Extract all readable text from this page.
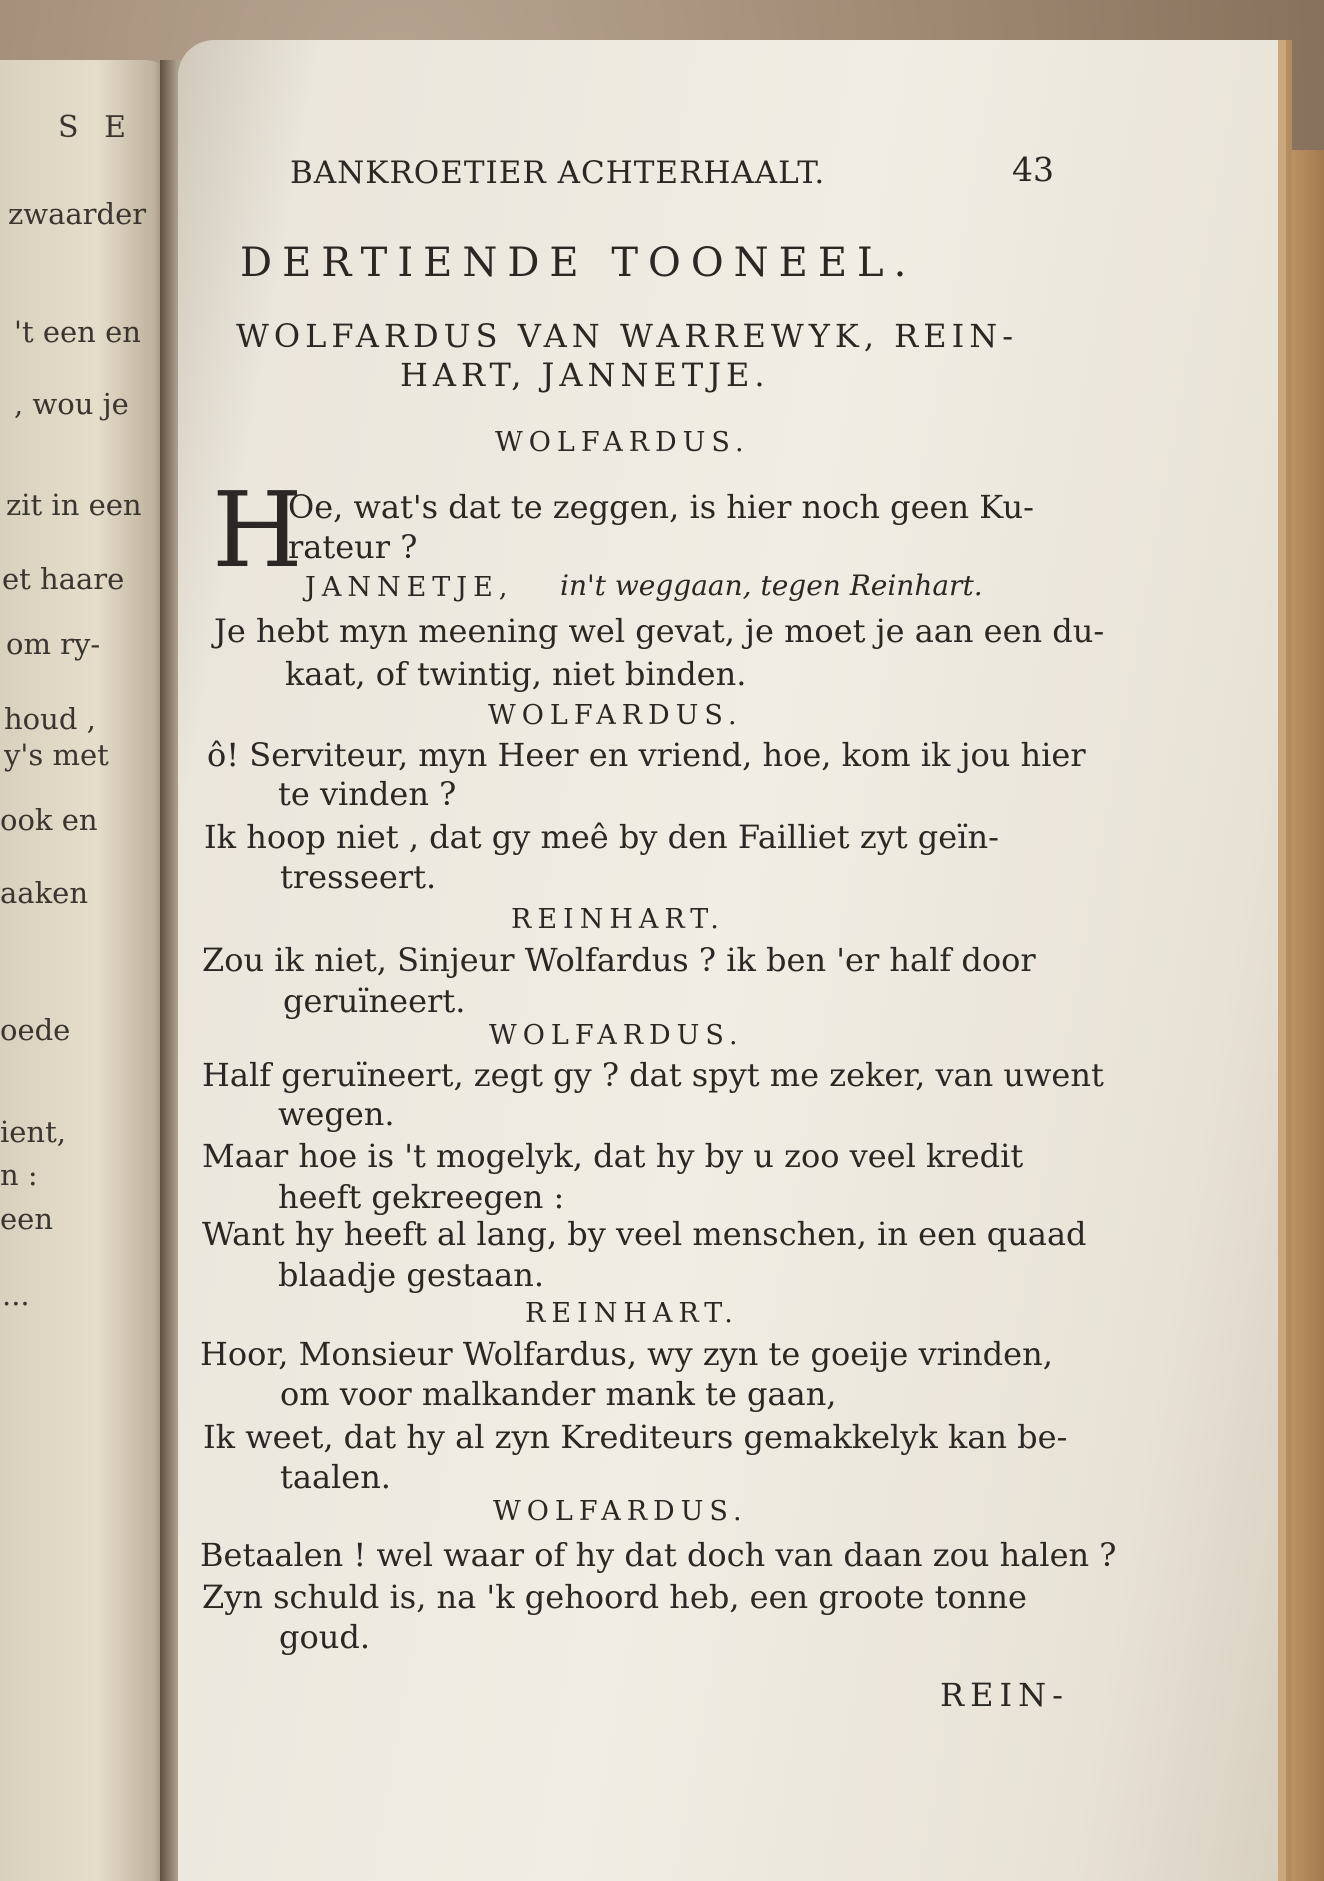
S E
zwaarder
't een en
, wou je
zit in een
et haare
om ry-
houd ,
y's met
ook en
aaken
oede
ient,
n :
een
...
BANKROETIER ACHTERHAALT.	43
DERTIENDE TOONEEL.
WOLFARDUS VAN WARREWYK, REIN-
HART, JANNETJE.
WOLFARDUS.
H
Oe, wat's dat te zeggen, is hier noch geen Ku-
rateur ?
JANNETJE, in't weggaan, tegen Reinhart.
Je hebt myn meening wel gevat, je moet je aan een du-
kaat, of twintig, niet binden.
WOLFARDUS.
ô! Serviteur, myn Heer en vriend, hoe, kom ik jou hier
te vinden ?
Ik hoop niet , dat gy meê by den Failliet zyt geïn-
tresseert.
REINHART.
Zou ik niet, Sinjeur Wolfardus ? ik ben 'er half door
geruïneert.
WOLFARDUS.
Half geruïneert, zegt gy ? dat spyt me zeker, van uwent
wegen.
Maar hoe is 't mogelyk, dat hy by u zoo veel kredit
heeft gekreegen :
Want hy heeft al lang, by veel menschen, in een quaad
blaadje gestaan.
REINHART.
Hoor, Monsieur Wolfardus, wy zyn te goeije vrinden,
om voor malkander mank te gaan,
Ik weet, dat hy al zyn Krediteurs gemakkelyk kan be-
taalen.
WOLFARDUS.
Betaalen ! wel waar of hy dat doch van daan zou halen ?
Zyn schuld is, na 'k gehoord heb, een groote tonne
goud.
REIN-
